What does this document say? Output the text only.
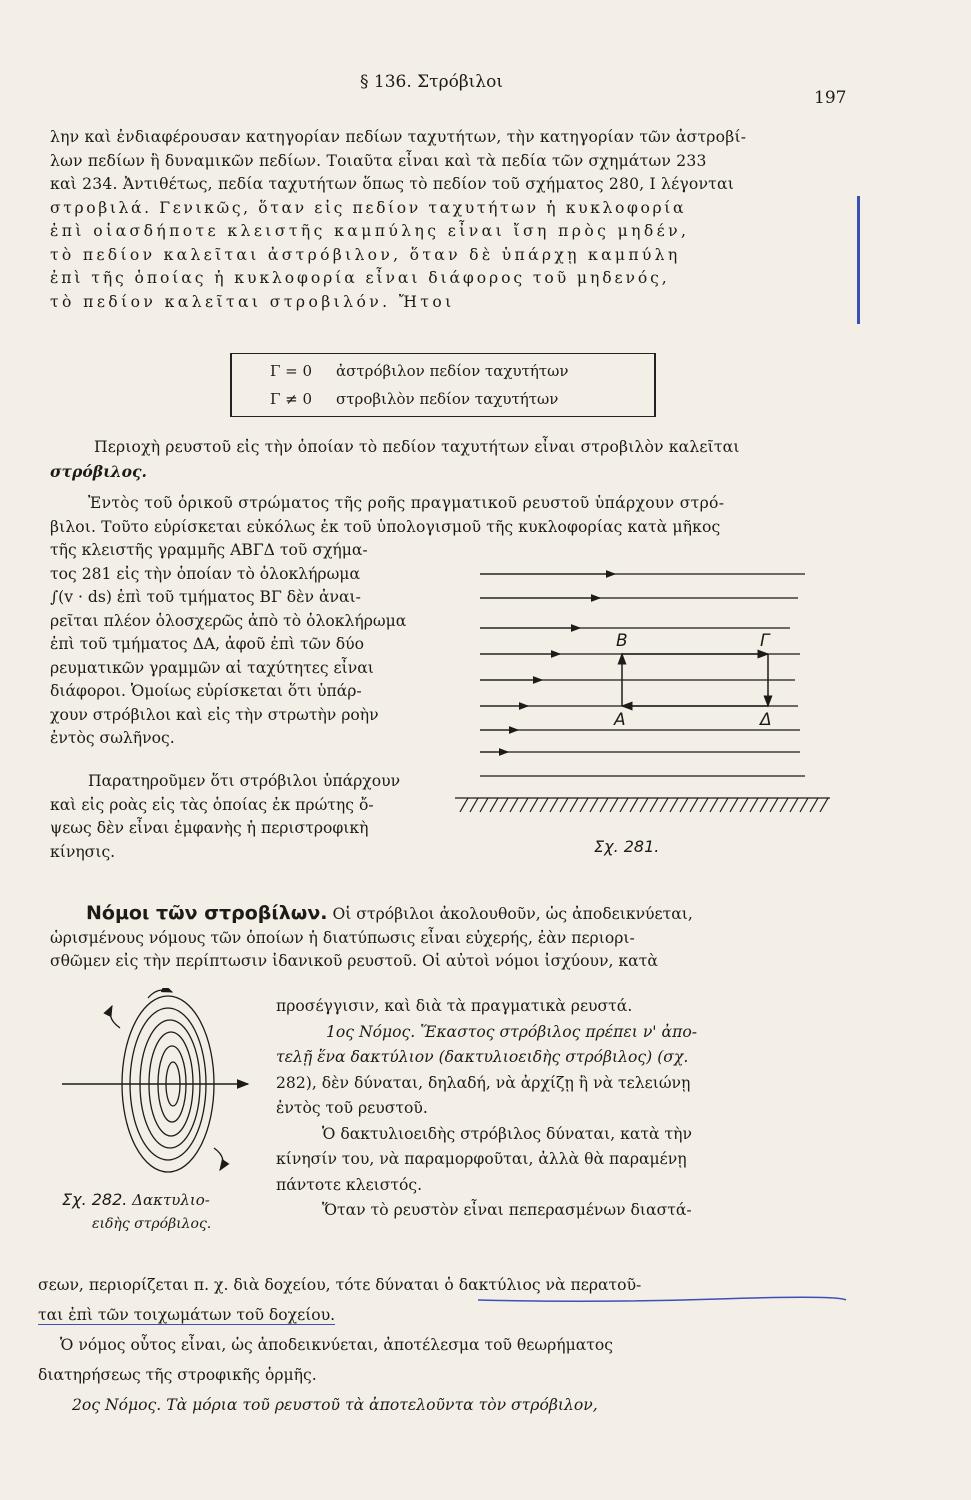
§ 136. Στρόβιλοι
197
λην καὶ ἐνδιαφέρουσαν κατηγορίαν πεδίων ταχυτήτων, τὴν κατηγορίαν τῶν ἀστροβί-
λων πεδίων ἢ δυναμικῶν πεδίων. Τοιαῦτα εἶναι καὶ τὰ πεδία τῶν σχημάτων 233
καὶ 234. Ἀντιθέτως, πεδία ταχυτήτων ὅπως τὸ πεδίον τοῦ σχήματος 280, Ι λέγονται
στροβιλά. Γενικῶς, ὅταν εἰς πεδίον ταχυτήτων ἡ κυκλοφορία
ἐπὶ οἱασδήποτε κλειστῆς καμπύλης εἶναι ἴση πρὸς μηδέν,
τὸ πεδίον καλεῖται ἀστρόβιλον, ὅταν δὲ ὑπάρχῃ καμπύλη
ἐπὶ τῆς ὁποίας ἡ κυκλοφορία εἶναι διάφορος τοῦ μηδενός,
τὸ πεδίον καλεῖται στροβιλόν. Ἤτοι
Γ = 0 ἀστρόβιλον πεδίον ταχυτήτων
Γ ≠ 0 στροβιλὸν πεδίον ταχυτήτων
Περιοχὴ ρευστοῦ εἰς τὴν ὁποίαν τὸ πεδίον ταχυτήτων εἶναι στροβιλὸν καλεῖται
στρόβιλος.
Ἐντὸς τοῦ ὁρικοῦ στρώματος τῆς ροῆς πραγματικοῦ ρευστοῦ ὑπάρχουν στρό-
βιλοι. Τοῦτο εὑρίσκεται εὐκόλως ἐκ τοῦ ὑπολογισμοῦ τῆς κυκλοφορίας κατὰ μῆκος
τῆς κλειστῆς γραμμῆς ΑΒΓΔ τοῦ σχήμα-
τος 281 εἰς τὴν ὁποίαν τὸ ὁλοκλήρωμα
∫(v · ds) ἐπὶ τοῦ τμήματος ΒΓ δὲν ἀναι-
ρεῖται πλέον ὁλοσχερῶς ἀπὸ τὸ ὁλοκλήρωμα
ἐπὶ τοῦ τμήματος ΔΑ, ἀφοῦ ἐπὶ τῶν δύο
ρευματικῶν γραμμῶν αἱ ταχύτητες εἶναι
διάφοροι. Ὁμοίως εὑρίσκεται ὅτι ὑπάρ-
χουν στρόβιλοι καὶ εἰς τὴν στρωτὴν ροὴν
ἐντὸς σωλῆνος.
Παρατηροῦμεν ὅτι στρόβιλοι ὑπάρχουν
καὶ εἰς ροὰς εἰς τὰς ὁποίας ἐκ πρώτης ὄ-
ψεως δὲν εἶναι ἐμφανὴς ἡ περιστροφικὴ
κίνησις.
B	Γ
A	Δ
Σχ. 281.
Νόμοι τῶν στροβίλων. Οἱ στρόβιλοι ἀκολουθοῦν, ὡς ἀποδεικνύεται,
ὡρισμένους νόμους τῶν ὁποίων ἡ διατύπωσις εἶναι εὐχερής, ἐὰν περιορι-
σθῶμεν εἰς τὴν περίπτωσιν ἰδανικοῦ ρευστοῦ. Οἱ αὐτοὶ νόμοι ἰσχύουν, κατὰ
προσέγγισιν, καὶ διὰ τὰ πραγματικὰ ρευστά.
1ος Νόμος. Ἕκαστος στρόβιλος πρέπει ν' ἀπο-
τελῇ ἕνα δακτύλιον (δακτυλιοειδὴς στρόβιλος) (σχ.
282), δὲν δύναται, δηλαδή, νὰ ἀρχίζῃ ἢ νὰ τελειώνῃ
ἐντὸς τοῦ ρευστοῦ.
Ὁ δακτυλιοειδὴς στρόβιλος δύναται, κατὰ τὴν
κίνησίν του, νὰ παραμορφοῦται, ἀλλὰ θὰ παραμένῃ
πάντοτε κλειστός.
Ὅταν τὸ ρευστὸν εἶναι πεπερασμένων διαστά-
Σχ. 282. Δακτυλιο-
ειδὴς στρόβιλος.
σεων, περιορίζεται π. χ. διὰ δοχείου, τότε δύναται ὁ δακτύλιος νὰ περατοῦ-
ται ἐπὶ τῶν τοιχωμάτων τοῦ δοχείου.
Ὁ νόμος οὗτος εἶναι, ὡς ἀποδεικνύεται, ἀποτέλεσμα τοῦ θεωρήματος
διατηρήσεως τῆς στροφικῆς ὁρμῆς.
2ος Νόμος. Τὰ μόρια τοῦ ρευστοῦ τὰ ἀποτελοῦντα τὸν στρόβιλον,
